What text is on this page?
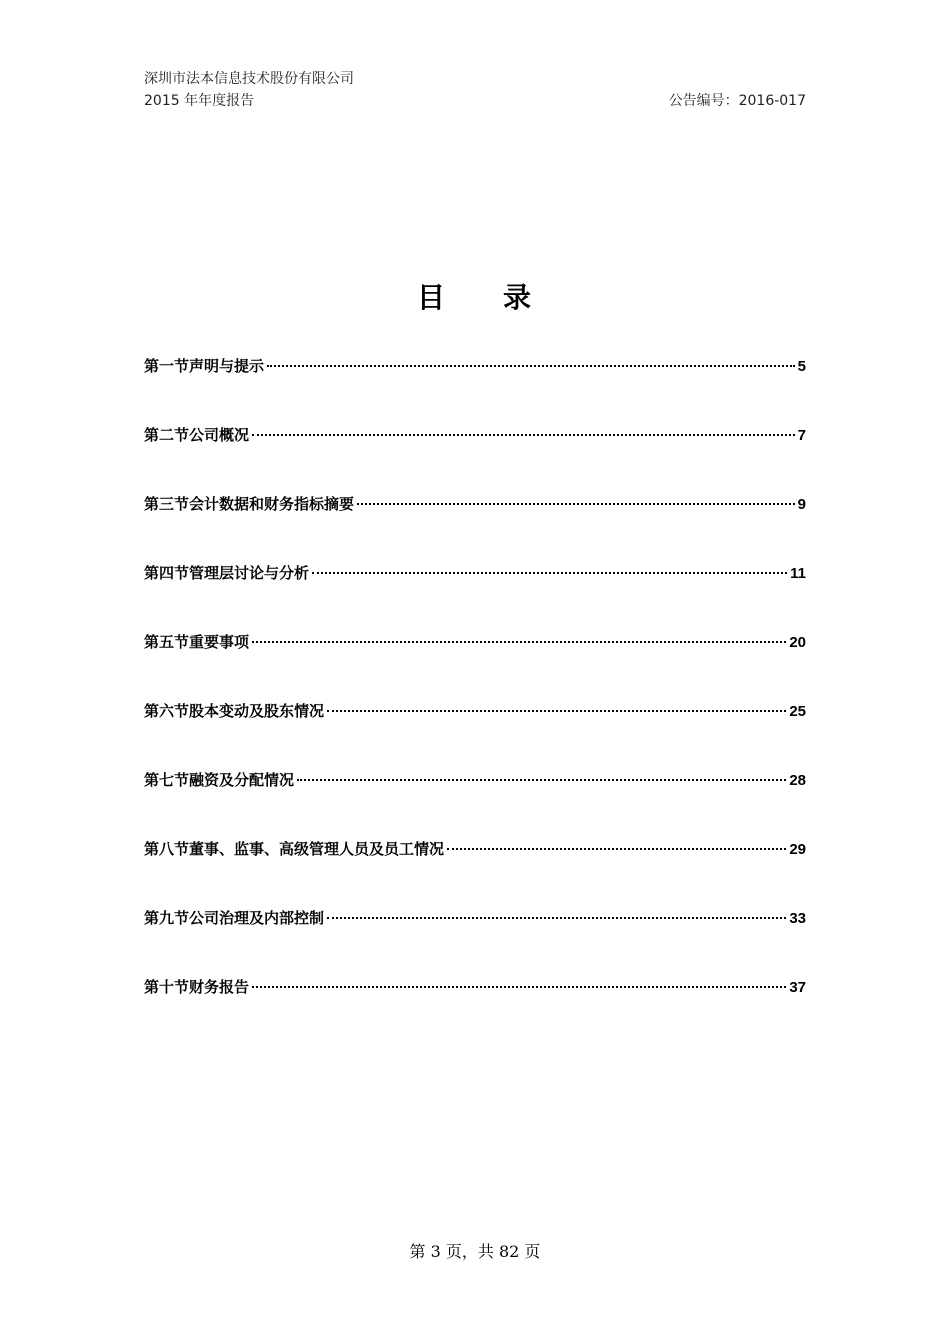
深圳市法本信息技术股份有限公司
2015 年年度报告	公告编号：2016-017
目 录
第一节声明与提示	5
第二节公司概况	7
第三节会计数据和财务指标摘要	9
第四节管理层讨论与分析	11
第五节重要事项	20
第六节股本变动及股东情况	25
第七节融资及分配情况	28
第八节董事、监事、高级管理人员及员工情况	29
第九节公司治理及内部控制	33
第十节财务报告	37
第 3 页，共 82 页
